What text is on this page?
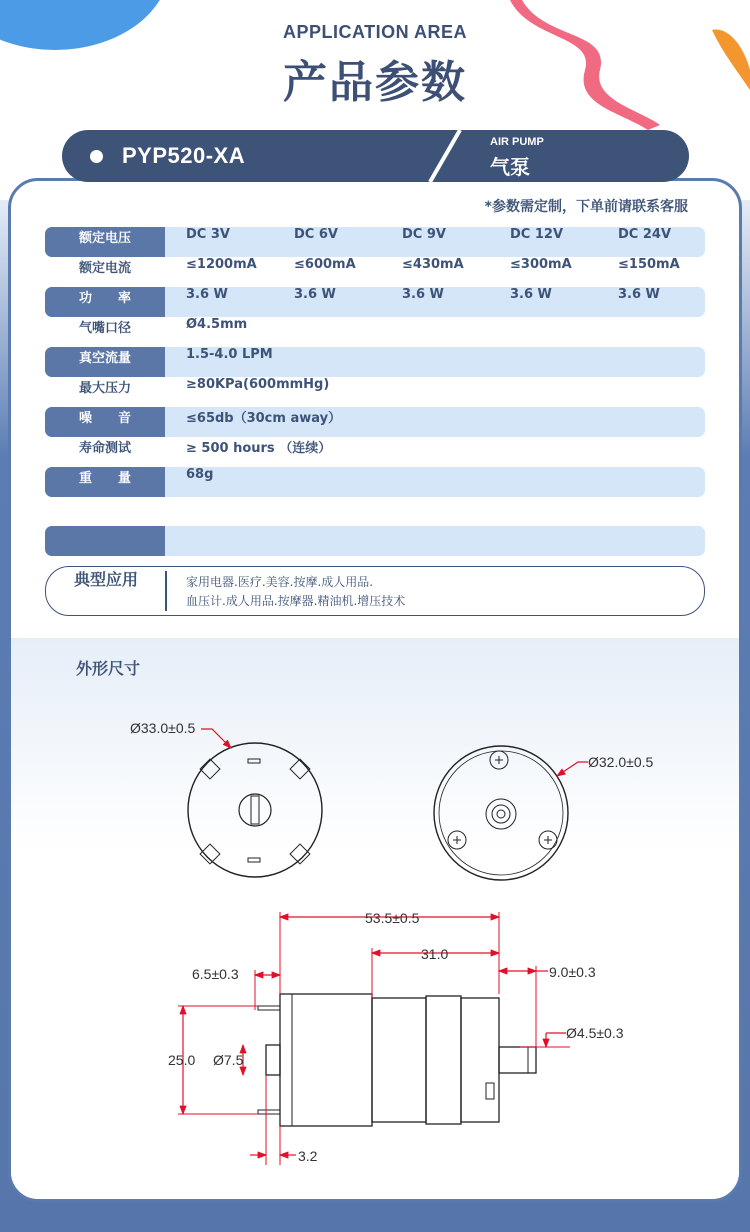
APPLICATION AREA
产品参数
PYP520-XA
AIR PUMP
气泵
*参数需定制，下单前请联系客服
额定电压	DC 3V	DC 6V	DC 9V	DC 12V	DC 24V
额定电流	≤1200mA	≤600mA	≤430mA	≤300mA	≤150mA
功　　率	3.6 W	3.6 W	3.6 W	3.6 W	3.6 W
气嘴口径	Ø4.5mm
真空流量	1.5-4.0 LPM
最大压力	≥80KPa(600mmHg)
噪　　音	≤65db（30cm away）
寿命测试	≥ 500 hours （连续）
重　　量	68g
典型应用	家用电器.医疗.美容.按摩.成人用品.
血压计.成人用品.按摩器.精油机.增压技术
外形尺寸
Ø33.0±0.5
Ø32.0±0.5
53.5±0.5
31.0
9.0±0.3
6.5±0.3
Ø4.5±0.3
25.0 Ø7.5
3.2
